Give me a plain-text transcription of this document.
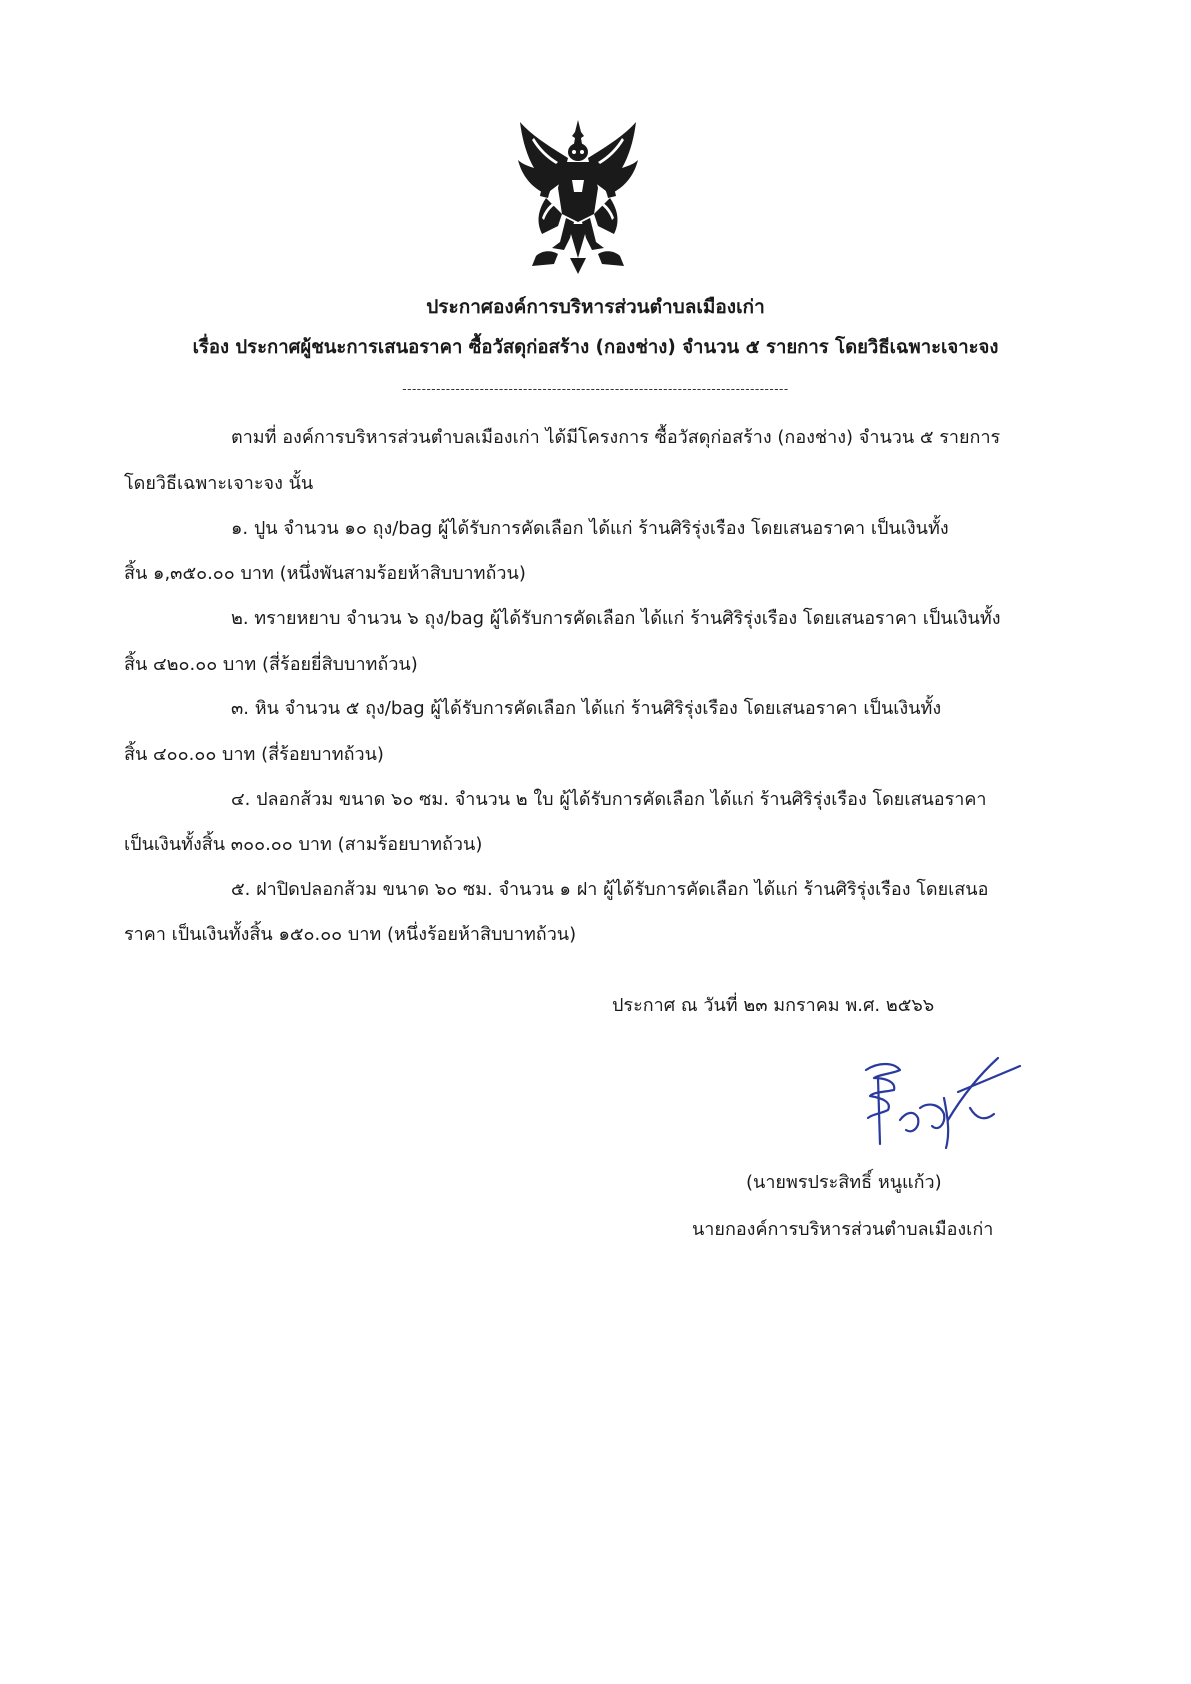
ประกาศองค์การบริหารส่วนตำบลเมืองเก่า
เรื่อง ประกาศผู้ชนะการเสนอราคา ซื้อวัสดุก่อสร้าง (กองช่าง) จำนวน ๕ รายการ โดยวิธีเฉพาะเจาะจง
--------------------------------------------------------------------------------
ตามที่ องค์การบริหารส่วนตำบลเมืองเก่า ได้มีโครงการ ซื้อวัสดุก่อสร้าง (กองช่าง) จำนวน ๕ รายการ
โดยวิธีเฉพาะเจาะจง นั้น
๑. ปูน จำนวน ๑๐ ถุง/bag ผู้ได้รับการคัดเลือก ได้แก่ ร้านศิริรุ่งเรือง โดยเสนอราคา เป็นเงินทั้ง
สิ้น ๑,๓๕๐.๐๐ บาท (หนึ่งพันสามร้อยห้าสิบบาทถ้วน)
๒. ทรายหยาบ จำนวน ๖ ถุง/bag ผู้ได้รับการคัดเลือก ได้แก่ ร้านศิริรุ่งเรือง โดยเสนอราคา เป็นเงินทั้ง
สิ้น ๔๒๐.๐๐ บาท (สี่ร้อยยี่สิบบาทถ้วน)
๓. หิน จำนวน ๕ ถุง/bag ผู้ได้รับการคัดเลือก ได้แก่ ร้านศิริรุ่งเรือง โดยเสนอราคา เป็นเงินทั้ง
สิ้น ๔๐๐.๐๐ บาท (สี่ร้อยบาทถ้วน)
๔. ปลอกส้วม ขนาด ๖๐ ซม. จำนวน ๒ ใบ ผู้ได้รับการคัดเลือก ได้แก่ ร้านศิริรุ่งเรือง โดยเสนอราคา
เป็นเงินทั้งสิ้น ๓๐๐.๐๐ บาท (สามร้อยบาทถ้วน)
๕. ฝาปิดปลอกส้วม ขนาด ๖๐ ซม. จำนวน ๑ ฝา ผู้ได้รับการคัดเลือก ได้แก่ ร้านศิริรุ่งเรือง โดยเสนอ
ราคา เป็นเงินทั้งสิ้น ๑๕๐.๐๐ บาท (หนึ่งร้อยห้าสิบบาทถ้วน)
ประกาศ ณ วันที่ ๒๓ มกราคม พ.ศ. ๒๕๖๖
(นายพรประสิทธิ์ หนูแก้ว)
นายกองค์การบริหารส่วนตำบลเมืองเก่า
